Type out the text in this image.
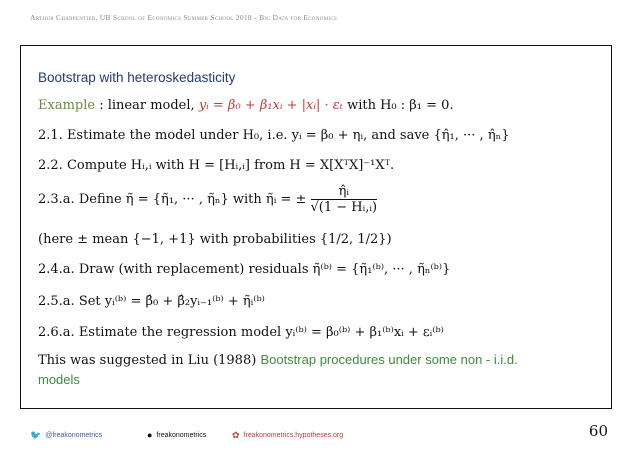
Arthur Charpentier, UB School of Economics Summer School 2018 - Big Data for Economics
Bootstrap with heteroskedasticity
Example : linear model, yᵢ = β₀ + β₁xᵢ + |xᵢ| · εₜ with H₀ : β₁ = 0.
2.1. Estimate the model under H₀, i.e. yᵢ = β₀ + ηᵢ, and save {η̂₁, ··· , η̂ₙ}
2.2. Compute Hᵢ,ᵢ with H = [Hᵢ,ᵢ] from H = X[XᵀX]⁻¹Xᵀ.
2.3.a. Define η̃ = {η̃₁, ··· , η̃ₙ} with η̃ᵢ = ± $\frac{\text{η̂ᵢ}}{\text{√(1 − Hᵢ,ᵢ)}}$
(here ± mean {−1, +1} with probabilities {1/2, 1/2})
2.4.a. Draw (with replacement) residuals η̃⁽ᵇ⁾ = {η̃₁⁽ᵇ⁾, ··· , η̃ₙ⁽ᵇ⁾}
2.5.a. Set yᵢ⁽ᵇ⁾ = β̂₀ + β̂₂yᵢ₋₁⁽ᵇ⁾ + η̃ᵢ⁽ᵇ⁾
2.6.a. Estimate the regression model yᵢ⁽ᵇ⁾ = β₀⁽ᵇ⁾ + β₁⁽ᵇ⁾xᵢ + εᵢ⁽ᵇ⁾
This was suggested in Liu (1988) Bootstrap procedures under some non - i.i.d.
models
🐦 @freakonometrics	● freakonometrics	✿ freakonometrics.hypotheses.org	60
